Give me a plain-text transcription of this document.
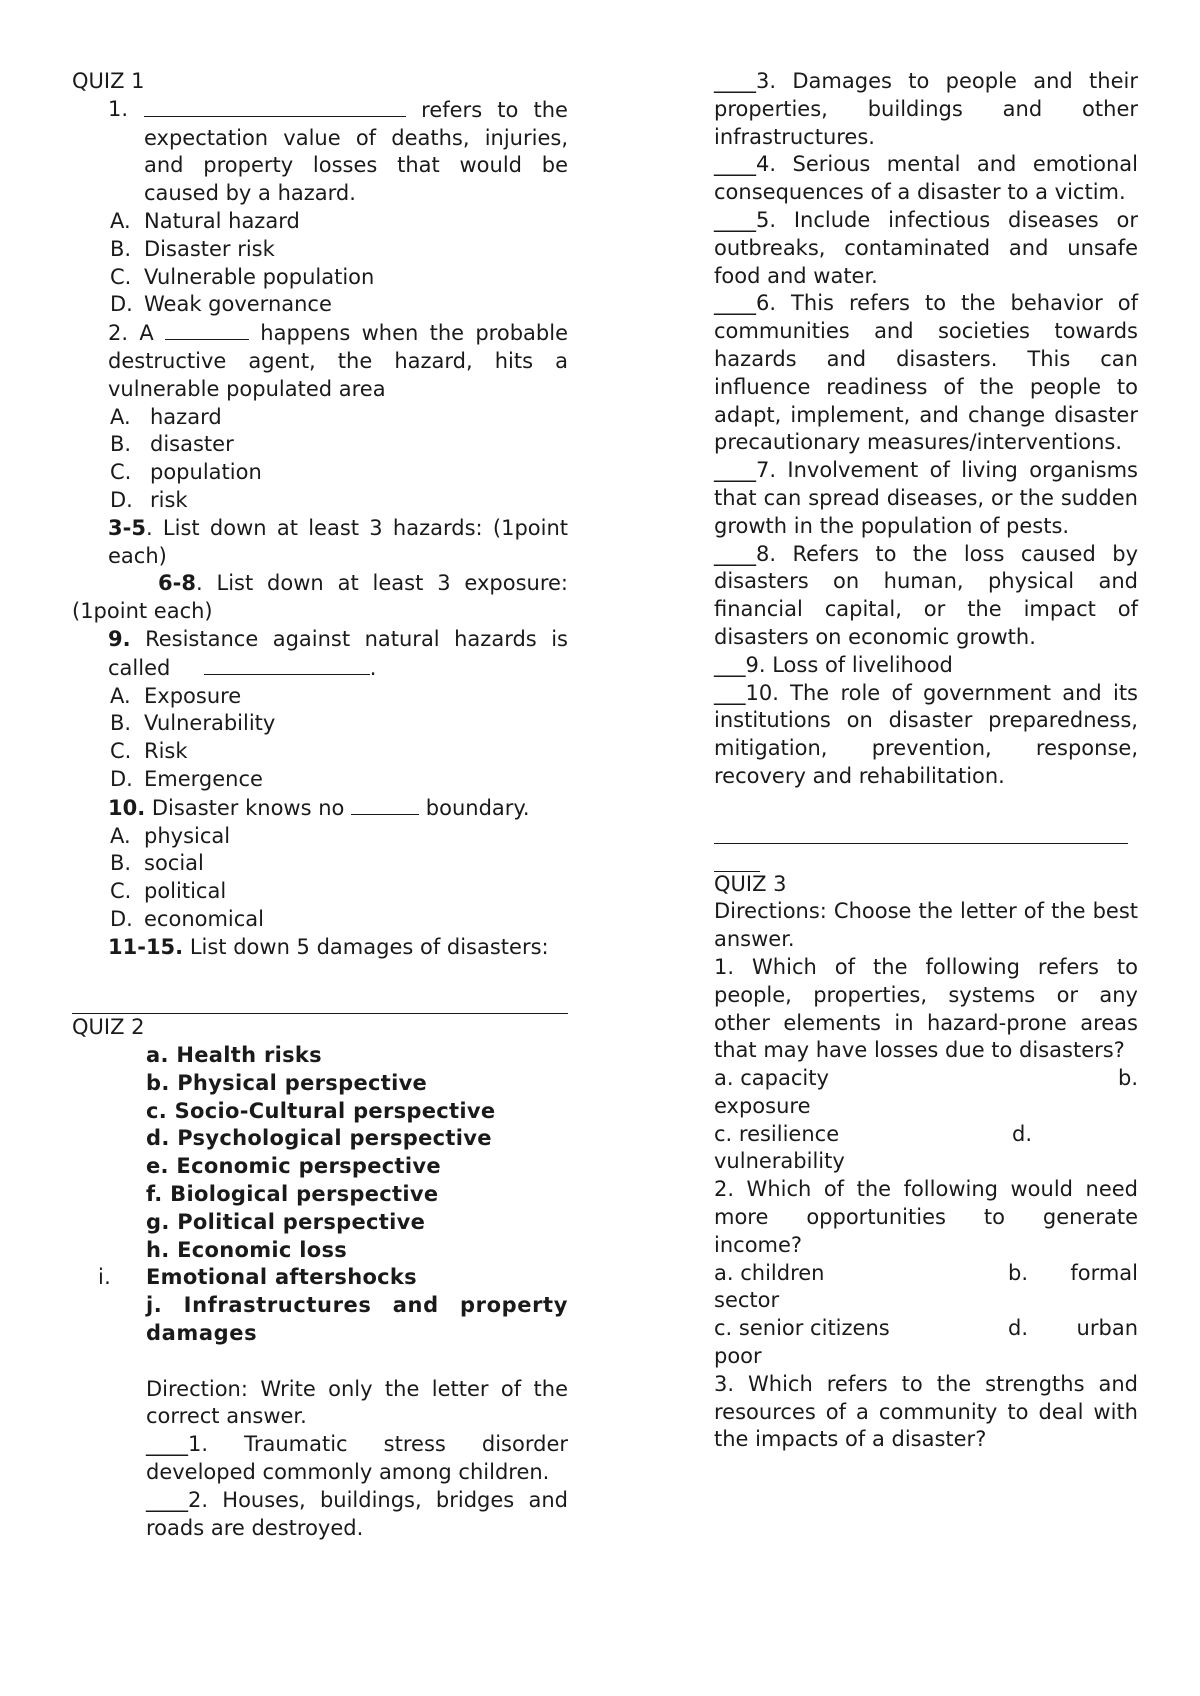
QUIZ 1

1.	refers to the expectation value of deaths, injuries, and property losses that would be caused by a hazard.

A. Natural hazard

B. Disaster risk

C. Vulnerable population

D. Weak governance

2. A	happens when the probable destructive agent, the hazard, hits a vulnerable populated area

A. hazard

B. disaster

C. population

D. risk

3-5. List down at least 3 hazards: (1point each)

6-8. List down at least 3 exposure: (1point each)

9. Resistance against natural hazards is called	.

A. Exposure

B. Vulnerability

C. Risk

D. Emergence

10. Disaster knows no	boundary.

A. physical

B. social

C. political

D. economical

11-15. List down 5 damages of disasters:

QUIZ 2

a. Health risks

b. Physical perspective

c. Socio-Cultural perspective

d. Psychological perspective

e. Economic perspective

f. Biological perspective

g. Political perspective

h. Economic loss

i.	Emotional aftershocks

j. Infrastructures and property damages

Direction: Write only the letter of the correct answer.

____1. Traumatic stress disorder developed commonly among children.

____2. Houses, buildings, bridges and roads are destroyed.

____3. Damages to people and their properties, buildings and other infrastructures.

____4. Serious mental and emotional consequences of a disaster to a victim.

____5. Include infectious diseases or outbreaks, contaminated and unsafe food and water.

____6. This refers to the behavior of communities and societies towards hazards and disasters. This can influence readiness of the people to adapt, implement, and change disaster precautionary measures/interventions.

____7. Involvement of living organisms that can spread diseases, or the sudden growth in the population of pests.

____8. Refers to the loss caused by disasters on human, physical and financial capital, or the impact of disasters on economic growth.

___9. Loss of livelihood

___10. The role of government and its institutions on disaster preparedness, mitigation, prevention, response, recovery and rehabilitation.

QUIZ 3

Directions: Choose the letter of the best answer.

1. Which of the following refers to people, properties, systems or any other elements in hazard-prone areas that may have losses due to disasters?

a. capacity	b.

exposure

c. resilience	d.

vulnerability

2. Which of the following would need more opportunities to generate income?

a. children	b. formal

sector

c. senior citizens	d. urban

poor

3. Which refers to the strengths and resources of a community to deal with the impacts of a disaster?
